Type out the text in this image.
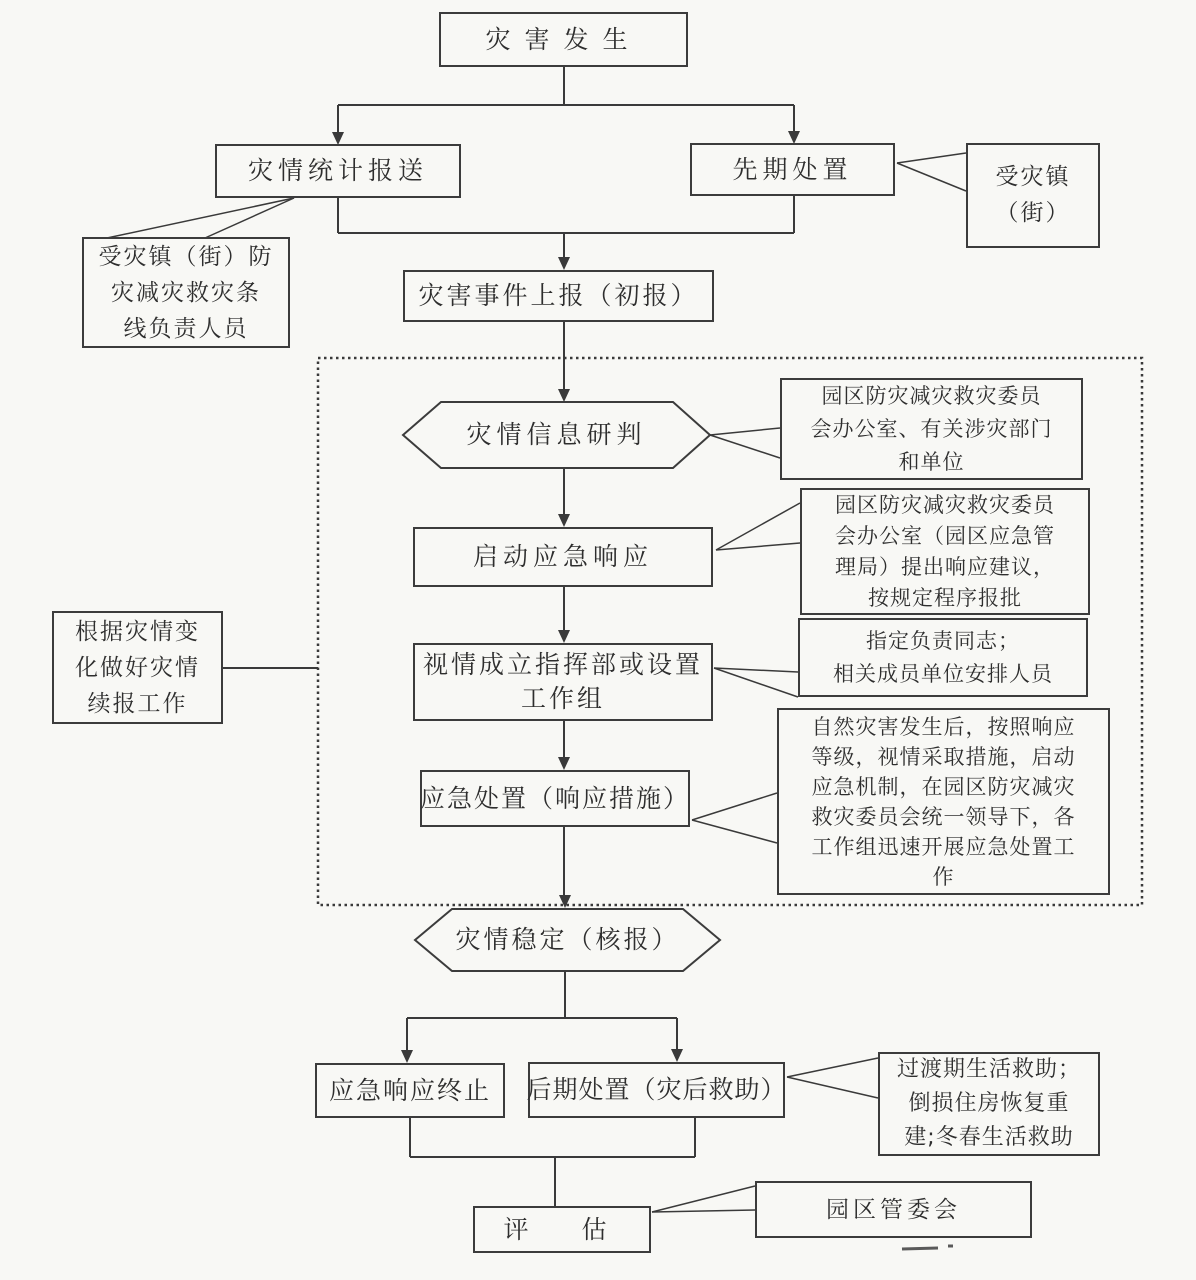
灾害发生
灾情统计报送	先期处置
灾害事件上报（初报）
灾情信息研判
启动应急响应
视情成立指挥部或设置
工作组
根据灾情变
化做好灾情
续报工作
应急处置（响应措施）
灾情稳定（核报）
应急响应终止 后期处置（灾后救助）
评　估
受灾镇
（街）
受灾镇（街）防
灾减灾救灾条
线负责人员
园区防灾减灾救灾委员
会办公室、有关涉灾部门
和单位
园区防灾减灾救灾委员
会办公室（园区应急管
理局）提出响应建议，
按规定程序报批
指定负责同志；
相关成员单位安排人员
自然灾害发生后，按照响应
等级，视情采取措施，启动
应急机制，在园区防灾减灾
救灾委员会统一领导下，各
工作组迅速开展应急处置工
作
过渡期生活救助；
倒损住房恢复重
建;冬春生活救助
园区管委会
